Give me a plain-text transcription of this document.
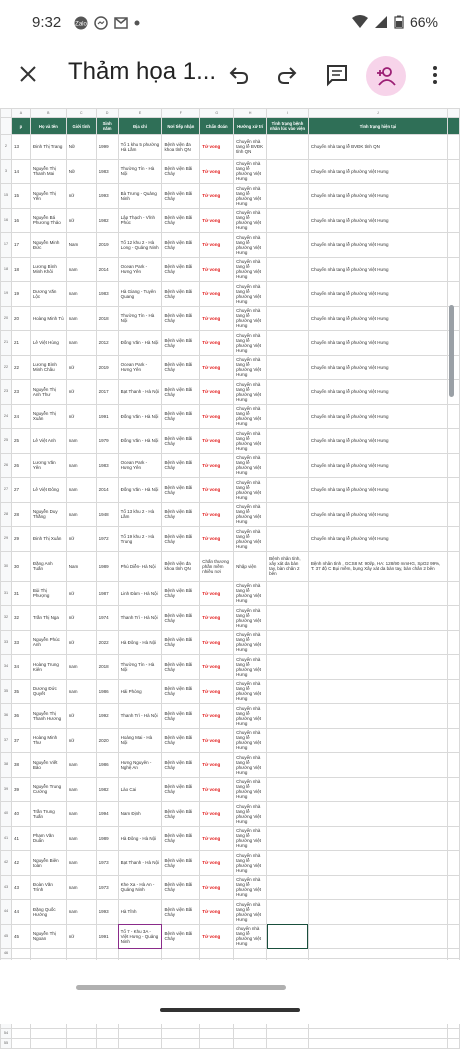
9:32 Zalo	66%
Thảm họa 1...
	A	B	C	D	E	F	G	H	I	J	
	p	Họ và tên	Giới tính	Sinh năm	Địa chỉ	Nơi tiếp nhận	Chẩn đoán	Hướng xử trí	Tình trạng bệnh nhân lúc vào viện	Tình trạng hiện tại	
2	13	Đinh Thị Trang	Nữ	1999	Tổ 1 khu 5 phường Hà Lầm	Bệnh viện đa khoa tỉnh QN	Tử vong	Chuyển nhà tang lễ BVĐK tỉnh QN		Chuyển nhà tang lễ BVĐK tỉnh QN	
3	14	Nguyễn Thị Thanh Mai	Nữ	1983	Thường Tín - Hà Nội	Bệnh viện Bãi Cháy	Tử vong	Chuyển nhà tang lễ phường Việt Hưng		Chuyển nhà tang lễ phường Việt Hưng	
15	15	Nguyễn Thị Yến	nữ	1993	Bà Trưng - Quảng Ninh	Bệnh viện Bãi Cháy	Tử vong	Chuyển nhà tang lễ phường Việt Hưng		Chuyển nhà tang lễ phường Việt Hưng	
16	16	Nguyễn Bá Phương Thảo	nữ	1982	Lập Thạch - Vĩnh Phúc	Bệnh viện Bãi Cháy	Tử vong	Chuyển nhà tang lễ phường Việt Hưng		Chuyển nhà tang lễ phường Việt Hưng	
17	17	Nguyễn Minh Đức	Nam	2019	Tổ 12 khu 2 - Hà Long - Quảng Ninh	Bệnh viện Bãi Cháy	Tử vong	Chuyển nhà tang lễ phường Việt Hưng		Chuyển nhà tang lễ phường Việt Hưng	
18	18	Lương Bình Minh Khôi	nam	2014	Ocean Park - Hưng Yên	Bệnh viện Bãi Cháy	Tử vong	Chuyển nhà tang lễ phường Việt Hưng		Chuyển nhà tang lễ phường Việt Hưng	
19	19	Dương Văn Lộc	nam	1983	Hà Giang - Tuyên Quang	Bệnh viện Bãi Cháy	Tử vong	Chuyển nhà tang lễ phường Việt Hưng		Chuyển nhà tang lễ phường Việt Hưng	
20	20	Hoàng Minh Tú	nam	2018	Thường Tín - Hà Nội	Bệnh viện Bãi Cháy	Tử vong	Chuyển nhà tang lễ phường Việt Hưng		Chuyển nhà tang lễ phường Việt Hưng	
21	21	Lê Việt Hùng	nam	2012	Đống Văn - Hà Nội	Bệnh viện Bãi Cháy	Tử vong	Chuyển nhà tang lễ phường Việt Hưng		Chuyển nhà tang lễ phường Việt Hưng	
22	22	Lương Bình Minh Châu	nữ	2019	Ocean Park - Hưng Yên	Bệnh viện Bãi Cháy	Tử vong	Chuyển nhà tang lễ phường Việt Hưng		Chuyển nhà tang lễ phường Việt Hưng	
23	23	Nguyễn Thị Anh Thư	nữ	2017	Bạt Thanh - Hà Nội	Bệnh viện Bãi Cháy	Tử vong	Chuyển nhà tang lễ phường Việt Hưng		Chuyển nhà tang lễ phường Việt Hưng	
24	24	Nguyễn Thị Xuân	nữ	1991	Đống Văn - Hà Nội	Bệnh viện Bãi Cháy	Tử vong	Chuyển nhà tang lễ phường Việt Hưng		Chuyển nhà tang lễ phường Việt Hưng	
25	25	Lê Việt Anh	nam	1979	Đống Văn - Hà Nội	Bệnh viện Bãi Cháy	Tử vong	Chuyển nhà tang lễ phường Việt Hưng		Chuyển nhà tang lễ phường Việt Hưng	
26	26	Lương Văn Yên	nam	1983	Ocean Park - Hưng Yên	Bệnh viện Bãi Cháy	Tử vong	Chuyển nhà tang lễ phường Việt Hưng		Chuyển nhà tang lễ phường Việt Hưng	
27	27	Lê Việt Đông	nam	2014	Đống Văn - Hà Nội	Bệnh viện Bãi Cháy	Tử vong	Chuyển nhà tang lễ phường Việt Hưng		Chuyển nhà tang lễ phường Việt Hưng	
28	28	Nguyễn Duy Thắng	nam	1948	Tổ 13 khu 2 - Hà Lầm	Bệnh viện Bãi Cháy	Tử vong	Chuyển nhà tang lễ phường Việt Hưng		Chuyển nhà tang lễ phường Việt Hưng	
29	29	Đinh Thị Xuân	nữ	1972	Tổ 19 khu 2 - Hà Trung	Bệnh viện Bãi Cháy	Tử vong	Chuyển nhà tang lễ phường Việt Hưng		Chuyển nhà tang lễ phường Việt Hưng	
30	30	Đặng Anh Tuấn	Nam	1989	Phú Diễn- Hà Nội	Bệnh viện đa khoa tỉnh QN	Chấn thương phần mềm nhiều nơi	Nhập viện	Bệnh nhân tỉnh, xây xát da bàn tay, bàn chân 2 bên	Bệnh nhân tỉnh , GCS8 M: 90l/p, HA: 128/90 mmHG, SpO2 99%, T: 37 độ C Bụi mềm, bụng Xây xát da bàn tay, bàn chân 2 bên	
31	31	Bùi Thị Phượng	nữ	1987	Linh Đàm - Hà Nội	Bệnh viện Bãi Cháy	Tử vong	Chuyển nhà tang lễ phường Việt Hưng			
32	32	Trần Thị Nga	nữ	1974	Thanh Trì - Hà Nội	Bệnh viện Bãi Cháy	Tử vong	Chuyển nhà tang lễ phường Việt Hưng			
33	33	Nguyễn Phúc Anh	nữ	2022	Hà Đông - Hà Nội	Bệnh viện Bãi Cháy	Tử vong	Chuyển nhà tang lễ phường Việt Hưng			
34	34	Hoàng Trung Kiên	nam	2018	Thường Tín - Hà Nội	Bệnh viện Bãi Cháy	Tử vong	Chuyển nhà tang lễ phường Việt Hưng			
35	35	Dương Đức Quyết	nam	1986	Hải Phòng	Bệnh viện Bãi Cháy	Tử vong	Chuyển nhà tang lễ phường Việt Hưng			
36	36	Nguyễn Thị Thanh Hương	nữ	1992	Thanh Trì - Hà Nội	Bệnh viện Bãi Cháy	Tử vong	Chuyển nhà tang lễ phường Việt Hưng			
37	37	Hoàng Minh Thư	nữ	2020	Hoàng Mai - Hà Nội	Bệnh viện Bãi Cháy	Tử vong	Chuyển nhà tang lễ phường Việt Hưng			
38	38	Nguyễn Viết Bảo	nam	1986	Hưng Nguyên - Nghệ An	Bệnh viện Bãi Cháy	Tử vong	Chuyển nhà tang lễ phường Việt Hưng			
39	39	Nguyễn Trung Cường	nam	1982	Lào Cai	Bệnh viện Bãi Cháy	Tử vong	Chuyển nhà tang lễ phường Việt Hưng			
40	40	Trần Trung Tuấn	nam	1994	Nam Định	Bệnh viện Bãi Cháy	Tử vong	Chuyển nhà tang lễ phường Việt Hưng			
41	41	Phạm Văn Duẩn	nam	1989	Hà Đông - Hà Nội	Bệnh viện Bãi Cháy	Tử vong	Chuyển nhà tang lễ phường Việt Hưng			
42	42	Nguyễn Biên toàn	nam	1973	Bạt Thanh - Hà Nội	Bệnh viện Bãi Cháy	Tử vong	Chuyển nhà tang lễ phường Việt Hưng			
43	43	Đoàn Văn Trình	nam	1973	Khe Xa - Hà An - Quảng Ninh	Bệnh viện Bãi Cháy	Tử vong	Chuyển nhà tang lễ phường Việt Hưng			
44	44	Đặng Quốc Hưởng	nam	1993	Hà Tĩnh	Bệnh viện Bãi Cháy	Tử vong	Chuyển nhà tang lễ phường Việt Hưng			
45	45	Nguyễn Thị Ngoan	nữ	1991	Tổ 7 - Khu 3A - Việt Hưng - Quảng Ninh	Bệnh viện Bãi Cháy	Tử vong	chuyển nhà tang lễ phường Việt Hưng			
46											

54											
55											
